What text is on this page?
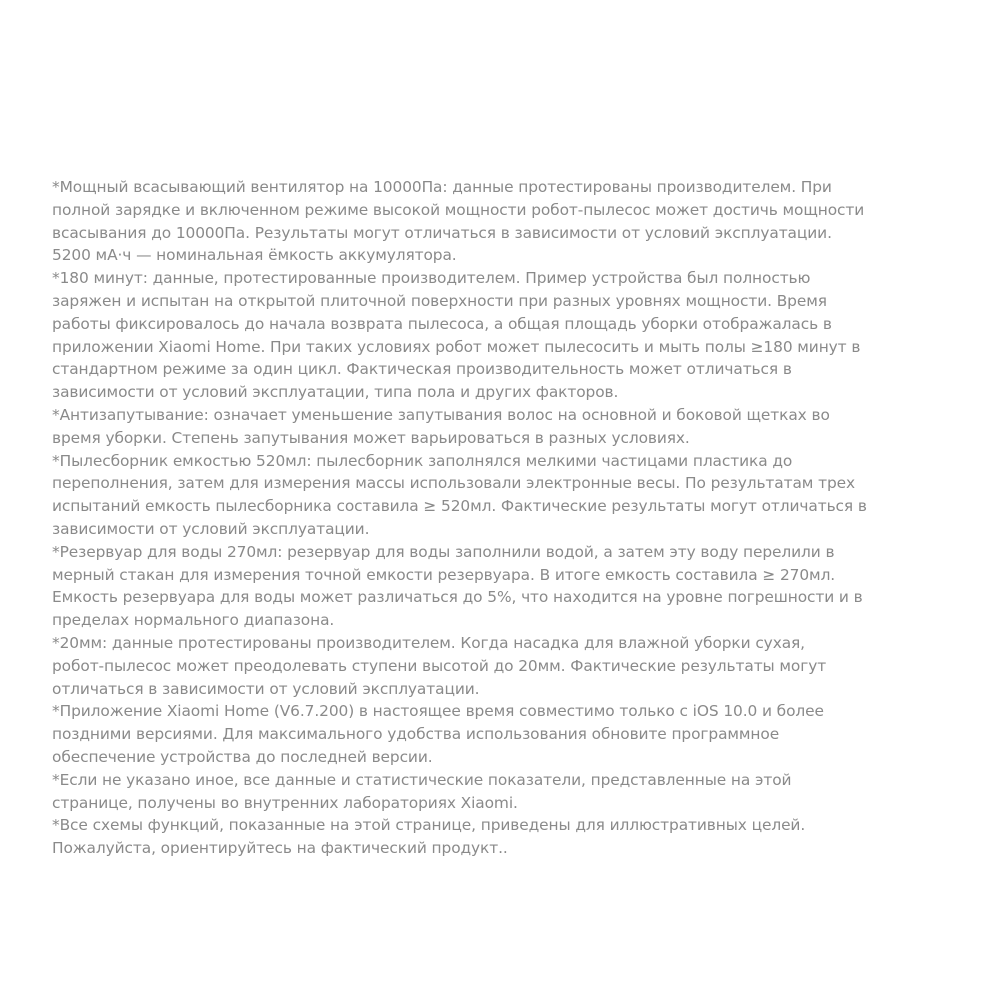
*Мощный всасывающий вентилятор на 10000Па: данные протестированы производителем. При
полной зарядке и включенном режиме высокой мощности робот-пылесос может достичь мощности
всасывания до 10000Па. Результаты могут отличаться в зависимости от условий эксплуатации.
5200 мА·ч — номинальная ёмкость аккумулятора.
*180 минут: данные, протестированные производителем. Пример устройства был полностью
заряжен и испытан на открытой плиточной поверхности при разных уровнях мощности. Время
работы фиксировалось до начала возврата пылесоса, а общая площадь уборки отображалась в
приложении Xiaomi Home. При таких условиях робот может пылесосить и мыть полы ≥180 минут в
стандартном режиме за один цикл. Фактическая производительность может отличаться в
зависимости от условий эксплуатации, типа пола и других факторов.
*Антизапутывание: означает уменьшение запутывания волос на основной и боковой щетках во
время уборки. Степень запутывания может варьироваться в разных условиях.
*Пылесборник емкостью 520мл: пылесборник заполнялся мелкими частицами пластика до
переполнения, затем для измерения массы использовали электронные весы. По результатам трех
испытаний емкость пылесборника составила ≥ 520мл. Фактические результаты могут отличаться в
зависимости от условий эксплуатации.
*Резервуар для воды 270мл: резервуар для воды заполнили водой, а затем эту воду перелили в
мерный стакан для измерения точной емкости резервуара. В итоге емкость составила ≥ 270мл.
Емкость резервуара для воды может различаться до 5%, что находится на уровне погрешности и в
пределах нормального диапазона.
*20мм: данные протестированы производителем. Когда насадка для влажной уборки сухая,
робот-пылесос может преодолевать ступени высотой до 20мм. Фактические результаты могут
отличаться в зависимости от условий эксплуатации.
*Приложение Xiaomi Home (V6.7.200) в настоящее время совместимо только с iOS 10.0 и более
поздними версиями. Для максимального удобства использования обновите программное
обеспечение устройства до последней версии.
*Если не указано иное, все данные и статистические показатели, представленные на этой
странице, получены во внутренних лабораториях Xiaomi.
*Все схемы функций, показанные на этой странице, приведены для иллюстративных целей.
Пожалуйста, ориентируйтесь на фактический продукт..
